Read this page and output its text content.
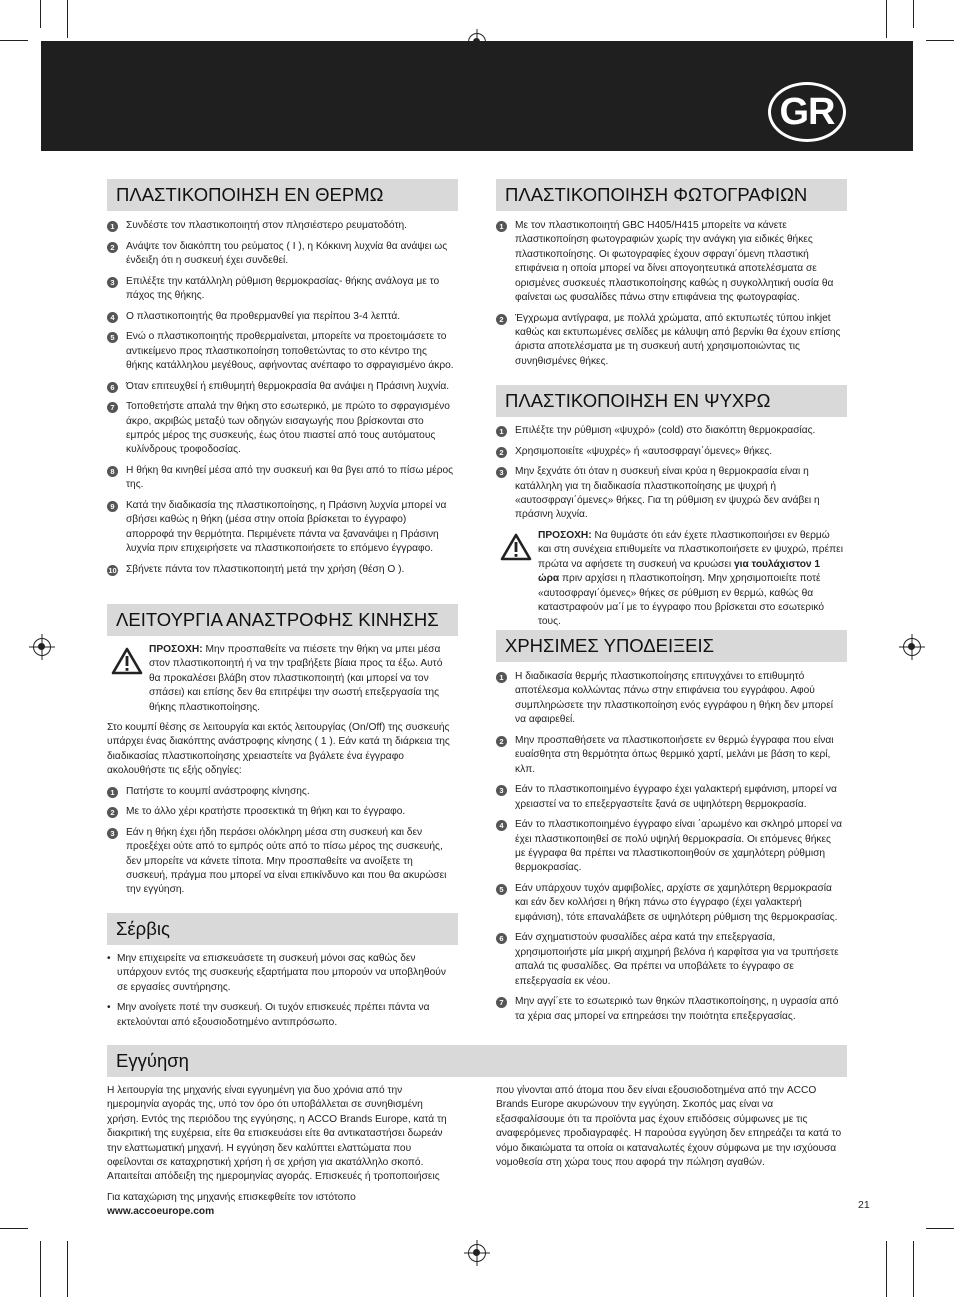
GR
ΠΛΑΣΤΙΚΟΠΟΙΗΣΗ ΕΝ ΘΕΡΜΩ
1	Συνδέστε τον πλαστικοποιητή στον πλησιέστερο ρευματοδότη.
2	Ανάψτε τον διακόπτη του ρεύματος ( I ), η Κόκκινη λυχνία θα ανάψει ως ένδειξη ότι η συσκευή έχει συνδεθεί.
3	Επιλέξτε την κατάλληλη ρύθμιση θερμοκρασίας- θήκης ανάλογα με το πάχος της θήκης.
4	Ο πλαστικοποιητής θα προθερμανθεί για περίπου 3-4 λεπτά.
5	Ενώ ο πλαστικοποιητής προθερμαίνεται, μπορείτε να προετοιμάσετε το αντικείμενο προς πλαστικοποίηση τοποθετώντας το στο κέντρο της θήκης κατάλληλου μεγέθους, αφήνοντας ανέπαφο το σφραγισμένο άκρο.
6	Όταν επιτευχθεί ή επιθυμητή θερμοκρασία θα ανάψει η Πράσινη λυχνία.
7	Τοποθετήστε απαλά την θήκη στο εσωτερικό, με πρώτο το σφραγισμένο άκρο, ακριβώς μεταξύ των οδηγών εισαγωγής που βρίσκονται στο εμπρός μέρος της συσκευής, έως ότου πιαστεί από τους αυτόματους κυλίνδρους τροφοδοσίας.
8	Η θήκη θα κινηθεί μέσα από την συσκευή και θα βγει από το πίσω μέρος της.
9	Κατά την διαδικασία της πλαστικοποίησης, η Πράσινη λυχνία μπορεί να σβήσει καθώς η θήκη (μέσα στην οποία βρίσκεται το έγγραφο) απορροφά την θερμότητα. Περιμένετε πάντα να ξανανάψει η Πράσινη λυχνία πριν επιχειρήσετε να πλαστικοποιήσετε το επόμενο έγγραφο.
10 Σβήνετε πάντα τον πλαστικοποιητή μετά την χρήση (θέση O ).
ΛΕΙΤΟΥΡΓΙΑ ΑΝΑΣΤΡΟΦΗΣ ΚΙΝΗΣΗΣ
ΠΡΟΣΟΧΗ: Μην προσπαθείτε να πιέσετε την θήκη να μπει μέσα στον πλαστικοποιητή ή να την τραβήξετε βίαια προς τα έξω. Αυτό θα προκαλέσει βλάβη στον πλαστικοποιητή (και μπορεί να τον σπάσει) και επίσης δεν θα επιτρέψει την σωστή επεξεργασία της θήκης πλαστικοποίησης.
Στο κουμπί θέσης σε λειτουργία και εκτός λειτουργίας (On/Off) της συσκευής υπάρχει ένας διακόπτης ανάστροφης κίνησης ( 1 ). Εάν κατά τη διάρκεια της διαδικασίας πλαστικοποίησης χρειαστείτε να βγάλετε ένα έγγραφο ακολουθήστε τις εξής οδηγίες:
1	Πατήστε το κουμπί ανάστροφης κίνησης.
2	Με το άλλο χέρι κρατήστε προσεκτικά τη θήκη και το έγγραφο.
3	Εάν η θήκη έχει ήδη περάσει ολόκληρη μέσα στη συσκευή και δεν προεξέχει ούτε από το εμπρός ούτε από το πίσω μέρος της συσκευής, δεν μπορείτε να κάνετε τίποτα. Μην προσπαθείτε να ανοίξετε τη συσκευή, πράγμα που μπορεί να είναι επικίνδυνο και που θα ακυρώσει την εγγύηση.
Σέρβις
• Μην επιχειρείτε να επισκευάσετε τη συσκευή μόνοι σας καθώς δεν υπάρχουν εντός της συσκευής εξαρτήματα που μπορούν να υποβληθούν σε εργασίες συντήρησης.
• Μην ανοίγετε ποτέ την συσκευή. Οι τυχόν επισκευές πρέπει πάντα να εκτελούνται από εξουσιοδοτημένο αντιπρόσωπο.
ΠΛΑΣΤΙΚΟΠΟΙΗΣΗ ΦΩΤΟΓΡΑΦΙΩΝ
1	Με τον πλαστικοποιητή GBC H405/H415 μπορείτε να κάνετε πλαστικοποίηση φωτογραφιών χωρίς την ανάγκη για ειδικές θήκες πλαστικοποίησης. Οι φωτογραφίες έχουν σφραγι΄όμενη πλαστική επιφάνεια η οποία μπορεί να δίνει απογοητευτικά αποτελέσματα σε ορισμένες συσκευές πλαστικοποίησης καθώς η συγκολλητική ουσία θα φαίνεται ως φυσαλίδες πάνω στην επιφάνεια της φωτογραφίας.
2	Έγχρωμα αντίγραφα, με πολλά χρώματα, από εκτυπωτές τύπου inkjet καθώς και εκτυπωμένες σελίδες με κάλυψη από βερνίκι θα έχουν επίσης άριστα αποτελέσματα με τη συσκευή αυτή χρησιμοποιώντας τις συνηθισμένες θήκες.
ΠΛΑΣΤΙΚΟΠΟΙΗΣΗ ΕΝ ΨΥΧΡΩ
1	Επιλέξτε την ρύθμιση «ψυχρό» (cold) στο διακόπτη θερμοκρασίας.
2	Χρησιμοποιείτε «ψυχρές» ή «αυτοσφραγι΄όμενες» θήκες.
3	Μην ξεχνάτε ότι όταν η συσκευή είναι κρύα η θερμοκρασία είναι η κατάλληλη για τη διαδικασία πλαστικοποίησης με ψυχρή ή «αυτοσφραγι΄όμενες» θήκες. Για τη ρύθμιση εν ψυχρώ δεν ανάβει η πράσινη λυχνία.
ΠΡΟΣΟΧΗ: Να θυμάστε ότι εάν έχετε πλαστικοποιήσει εν θερμώ και στη συνέχεια επιθυμείτε να πλαστικοποιήσετε εν ψυχρώ, πρέπει πρώτα να αφήσετε τη συσκευή να κρυώσει για τουλάχιστον 1 ώρα πριν αρχίσει η πλαστικοποίηση. Μην χρησιμοποιείτε ποτέ «αυτοσφραγι΄όμενες» θήκες σε ρύθμιση εν θερμώ, καθώς θα καταστραφούν μα΄ί με το έγγραφο που βρίσκεται στο εσωτερικό τους.
ΧΡΗΣΙΜΕΣ ΥΠΟΔΕΙΞΕΙΣ
1	Η διαδικασία θερμής πλαστικοποίησης επιτυγχάνει το επιθυμητό αποτέλεσμα κολλώντας πάνω στην επιφάνεια του εγγράφου. Αφού συμπληρώσετε την πλαστικοποίηση ενός εγγράφου η θήκη δεν μπορεί να αφαιρεθεί.
2	Μην προσπαθήσετε να πλαστικοποιήσετε εν θερμώ έγγραφα που είναι ευαίσθητα στη θερμότητα όπως θερμικό χαρτί, μελάνι με βάση το κερί, κλπ.
3	Εάν το πλαστικοποιημένο έγγραφο έχει γαλακτερή εμφάνιση, μπορεί να χρειαστεί να το επεξεργαστείτε ξανά σε υψηλότερη θερμοκρασία.
4	Εάν το πλαστικοποιημένο έγγραφο είναι ΄αρωμένο και σκληρό μπορεί να έχει πλαστικοποιηθεί σε πολύ υψηλή θερμοκρασία. Οι επόμενες θήκες με έγγραφα θα πρέπει να πλαστικοποιηθούν σε χαμηλότερη ρύθμιση θερμοκρασίας.
5	Εάν υπάρχουν τυχόν αμφιβολίες, αρχίστε σε χαμηλότερη θερμοκρασία και εάν δεν κολλήσει η θήκη πάνω στο έγγραφο (έχει γαλακτερή εμφάνιση), τότε επαναλάβετε σε υψηλότερη ρύθμιση της θερμοκρασίας.
6	Εάν σχηματιστούν φυσαλίδες αέρα κατά την επεξεργασία, χρησιμοποιήστε μία μικρή αιχμηρή βελόνα ή καρφίτσα για να τρυπήσετε απαλά τις φυσαλίδες. Θα πρέπει να υποβάλετε το έγγραφο σε επεξεργασία εκ νέου.
7	Μην αγγί΄ετε το εσωτερικό των θηκών πλαστικοποίησης, η υγρασία από τα χέρια σας μπορεί να επηρεάσει την ποιότητα επεξεργασίας.
Εγγύηση
Η λειτουργία της μηχανής είναι εγγυημένη για δυο χρόνια από την ημερομηνία αγοράς της, υπό τον όρο ότι υποβάλλεται σε συνηθισμένη χρήση. Εντός της περιόδου της εγγύησης, η ACCO Brands Europe, κατά τη διακριτική της ευχέρεια, είτε θα επισκευάσει είτε θα αντικαταστήσει δωρεάν την ελαττωματική μηχανή. Η εγγύηση δεν καλύπτει ελαττώματα που οφείλονται σε καταχρηστική χρήση ή σε χρήση για ακατάλληλο σκοπό. Απαιτείται απόδειξη της ημερομηνίας αγοράς. Επισκευές ή τροποποιήσεις
Για καταχώριση της μηχανής επισκεφθείτε τον ιστότοπο www.accoeurope.com
που γίνονται από άτομα που δεν είναι εξουσιοδοτημένα από την ACCO Brands Europe ακυρώνουν την εγγύηση. Σκοπός μας είναι να εξασφαλίσουμε ότι τα προϊόντα μας έχουν επιδόσεις σύμφωνες με τις αναφερόμενες προδιαγραφές. Η παρούσα εγγύηση δεν επηρεάζει τα κατά το νόμο δικαιώματα τα οποία οι καταναλωτές έχουν σύμφωνα με την ισχύουσα νομοθεσία στη χώρα τους που αφορά την πώληση αγαθών.
21
